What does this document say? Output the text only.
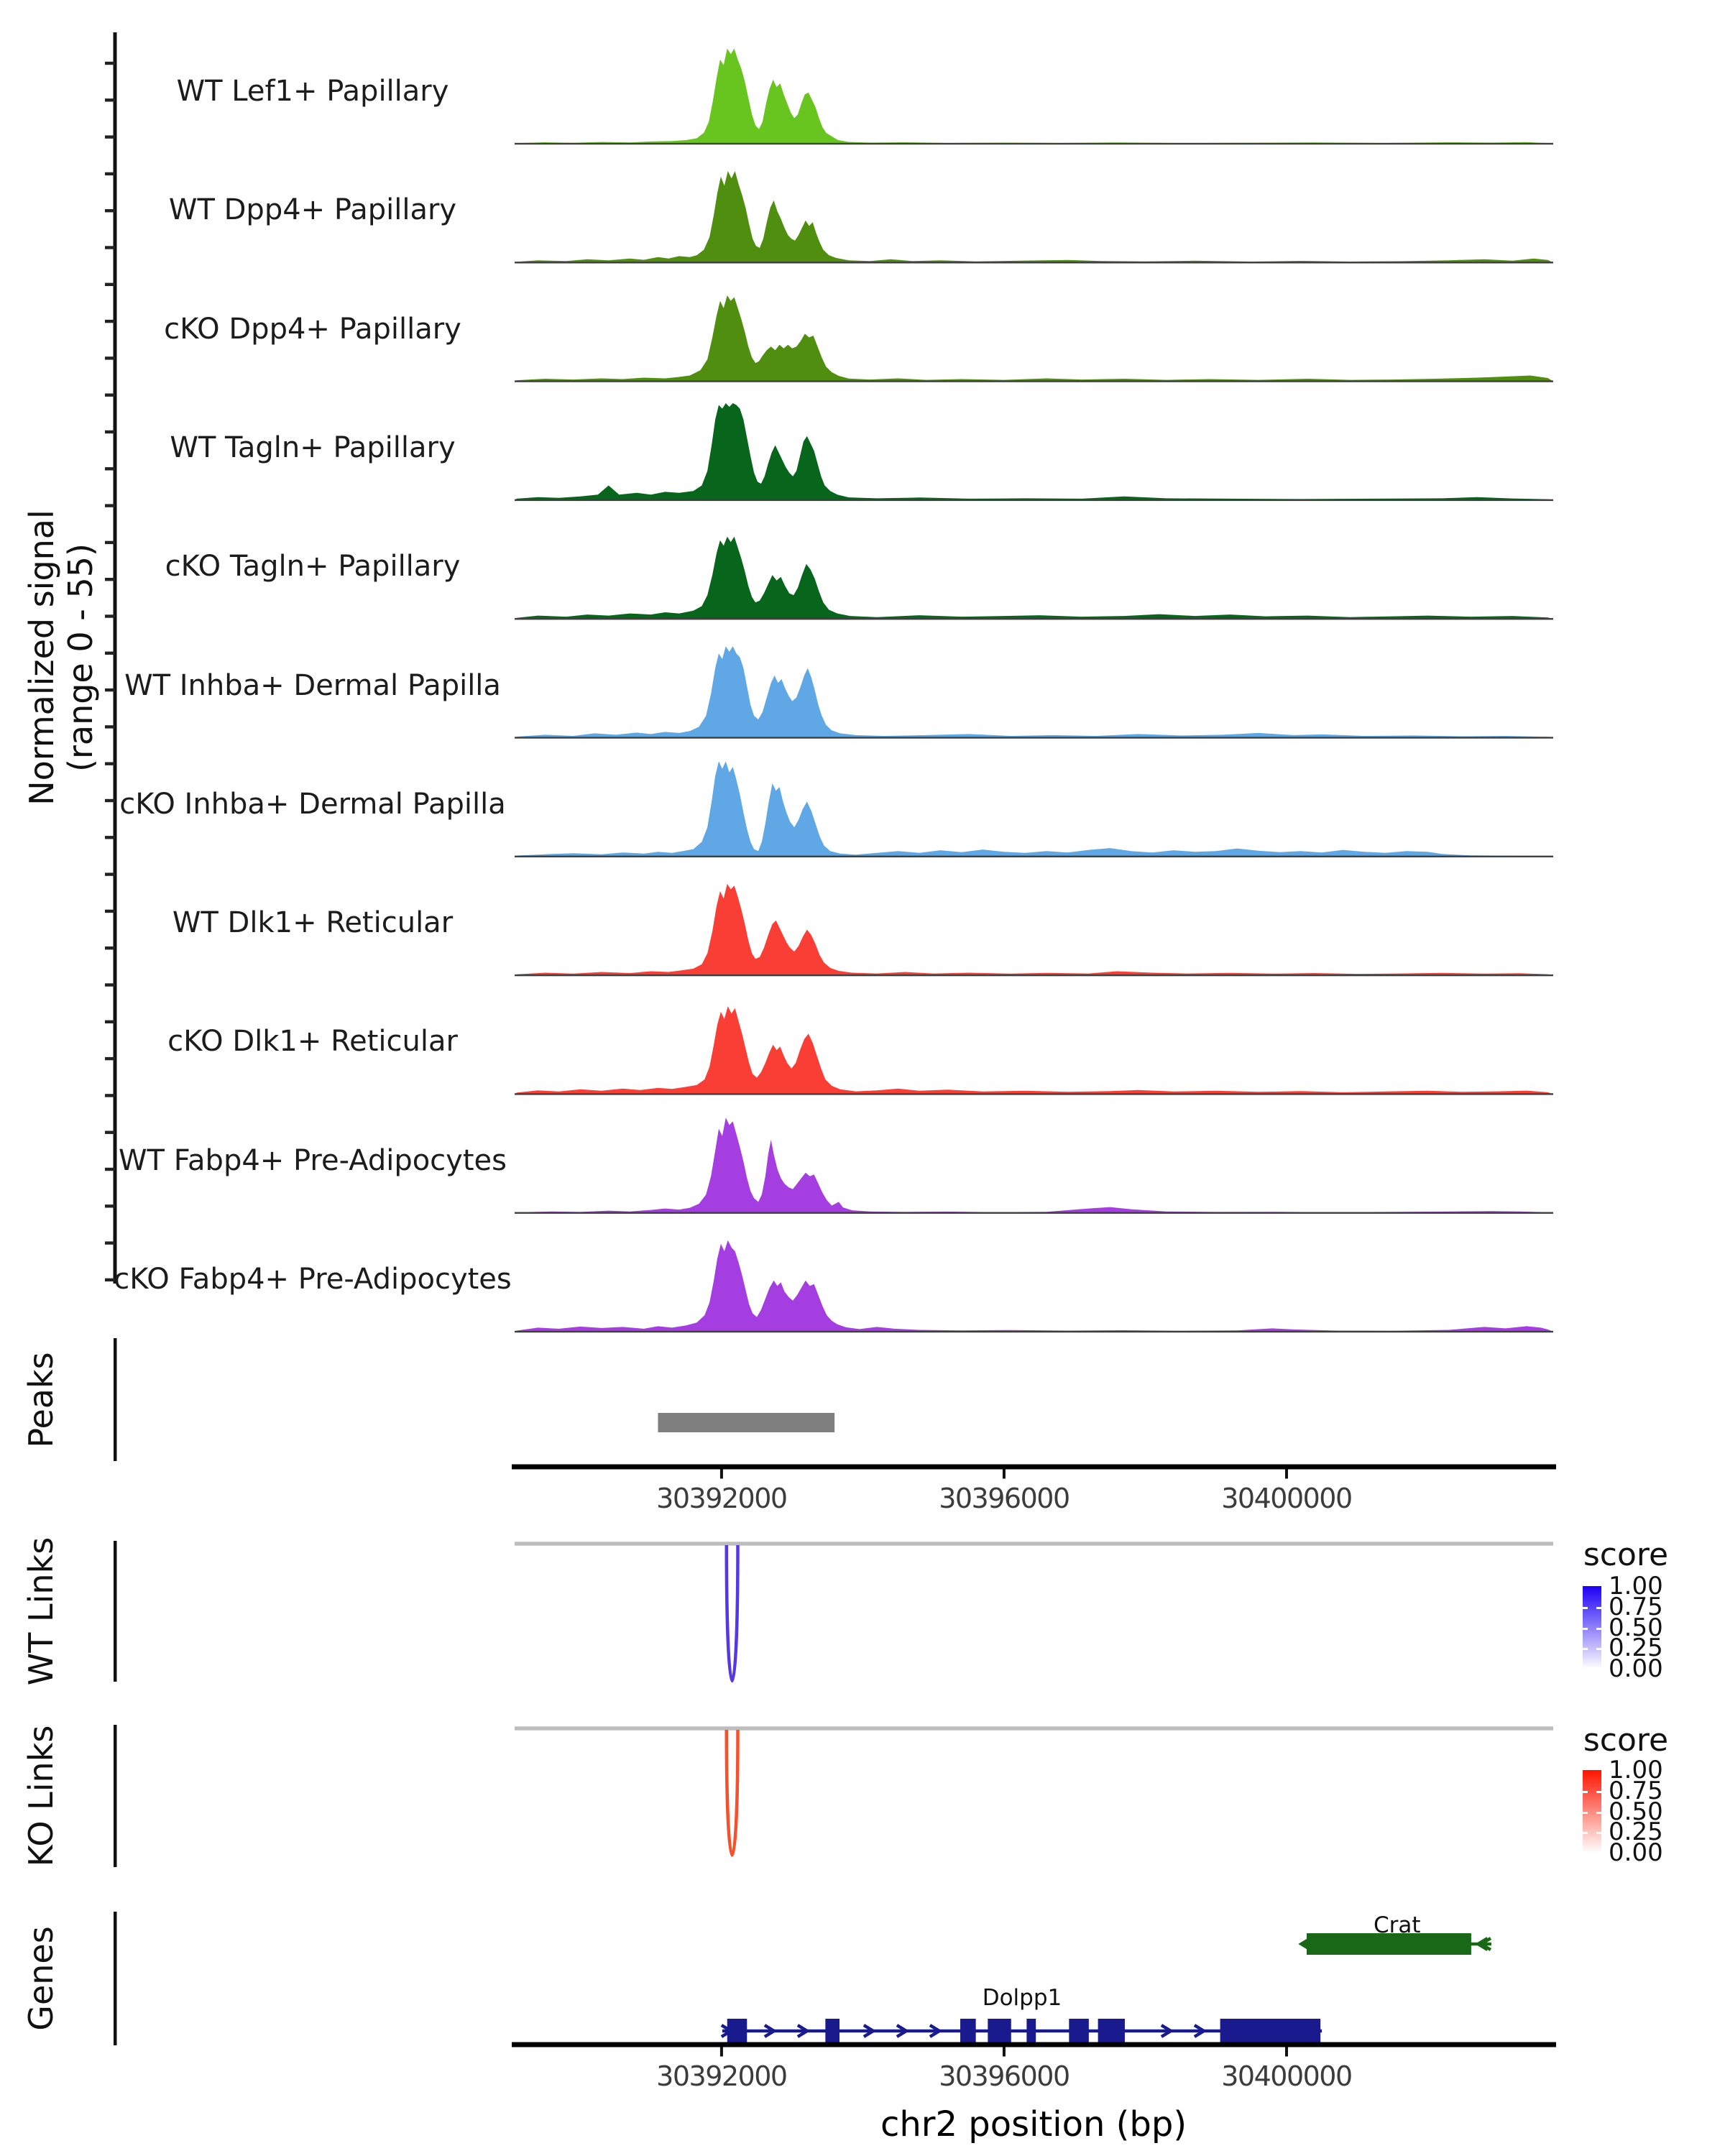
Normalized signal (range 0 - 55)
Peaks
WT Links
KO Links
Genes
score
score
chr2 position (bp)
WT Lef1+ Papillary
WT Dpp4+ Papillary
cKO Dpp4+ Papillary
WT Tagln+ Papillary
cKO Tagln+ Papillary
WT Inhba+ Dermal Papilla
cKO Inhba+ Dermal Papilla
WT Dlk1+ Reticular
cKO Dlk1+ Reticular
WT Fabp4+ Pre-Adipocytes
cKO Fabp4+ Pre-Adipocytes
30392000	30396000	30400000
1.00
0.75
0.50
0.25
0.00
1.00
0.75
0.50
0.25
0.00
Dolpp1
Crat
30392000	30396000	30400000
